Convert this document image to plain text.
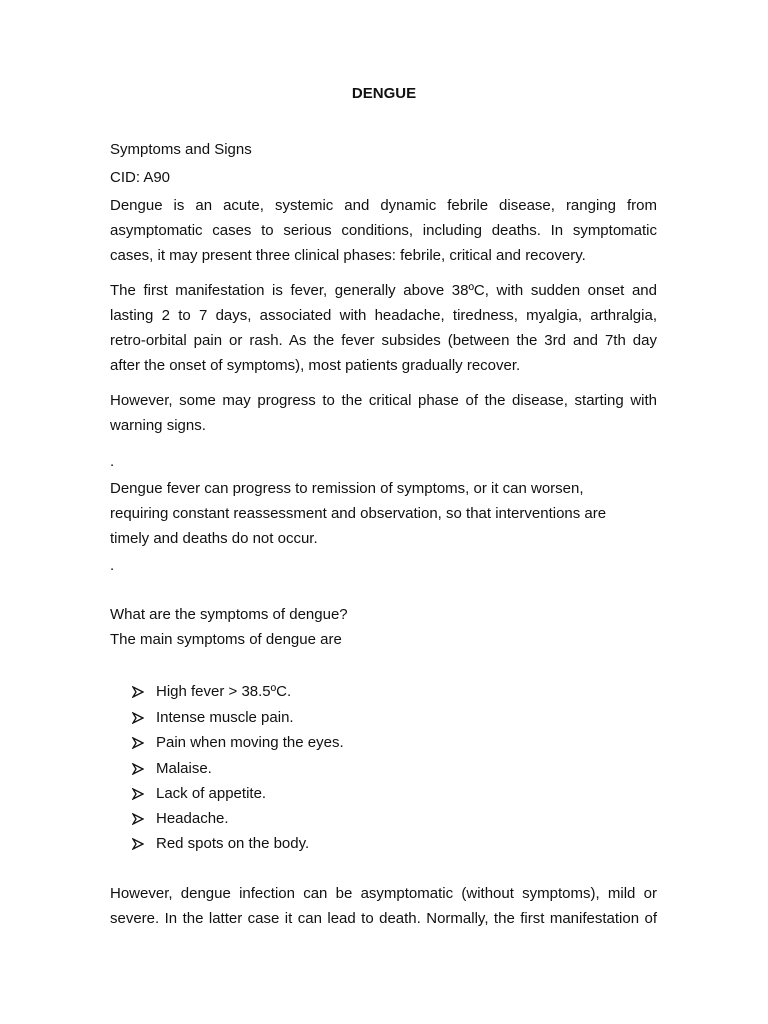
DENGUE
Symptoms and Signs
CID: A90
Dengue is an acute, systemic and dynamic febrile disease, ranging from
asymptomatic cases to serious conditions, including deaths. In symptomatic
cases, it may present three clinical phases: febrile, critical and recovery.
The first manifestation is fever, generally above 38ºC, with sudden onset and
lasting 2 to 7 days, associated with headache, tiredness, myalgia, arthralgia,
retro-orbital pain or rash. As the fever subsides (between the 3rd and 7th day
after the onset of symptoms), most patients gradually recover.
However, some may progress to the critical phase of the disease, starting with
warning signs.
.
Dengue fever can progress to remission of symptoms, or it can worsen,
requiring constant reassessment and observation, so that interventions are
timely and deaths do not occur.
.
What are the symptoms of dengue?
The main symptoms of dengue are
High fever > 38.5ºC.
Intense muscle pain.
Pain when moving the eyes.
Malaise.
Lack of appetite.
Headache.
Red spots on the body.
However, dengue infection can be asymptomatic (without symptoms), mild or
severe. In the latter case it can lead to death. Normally, the first manifestation of
